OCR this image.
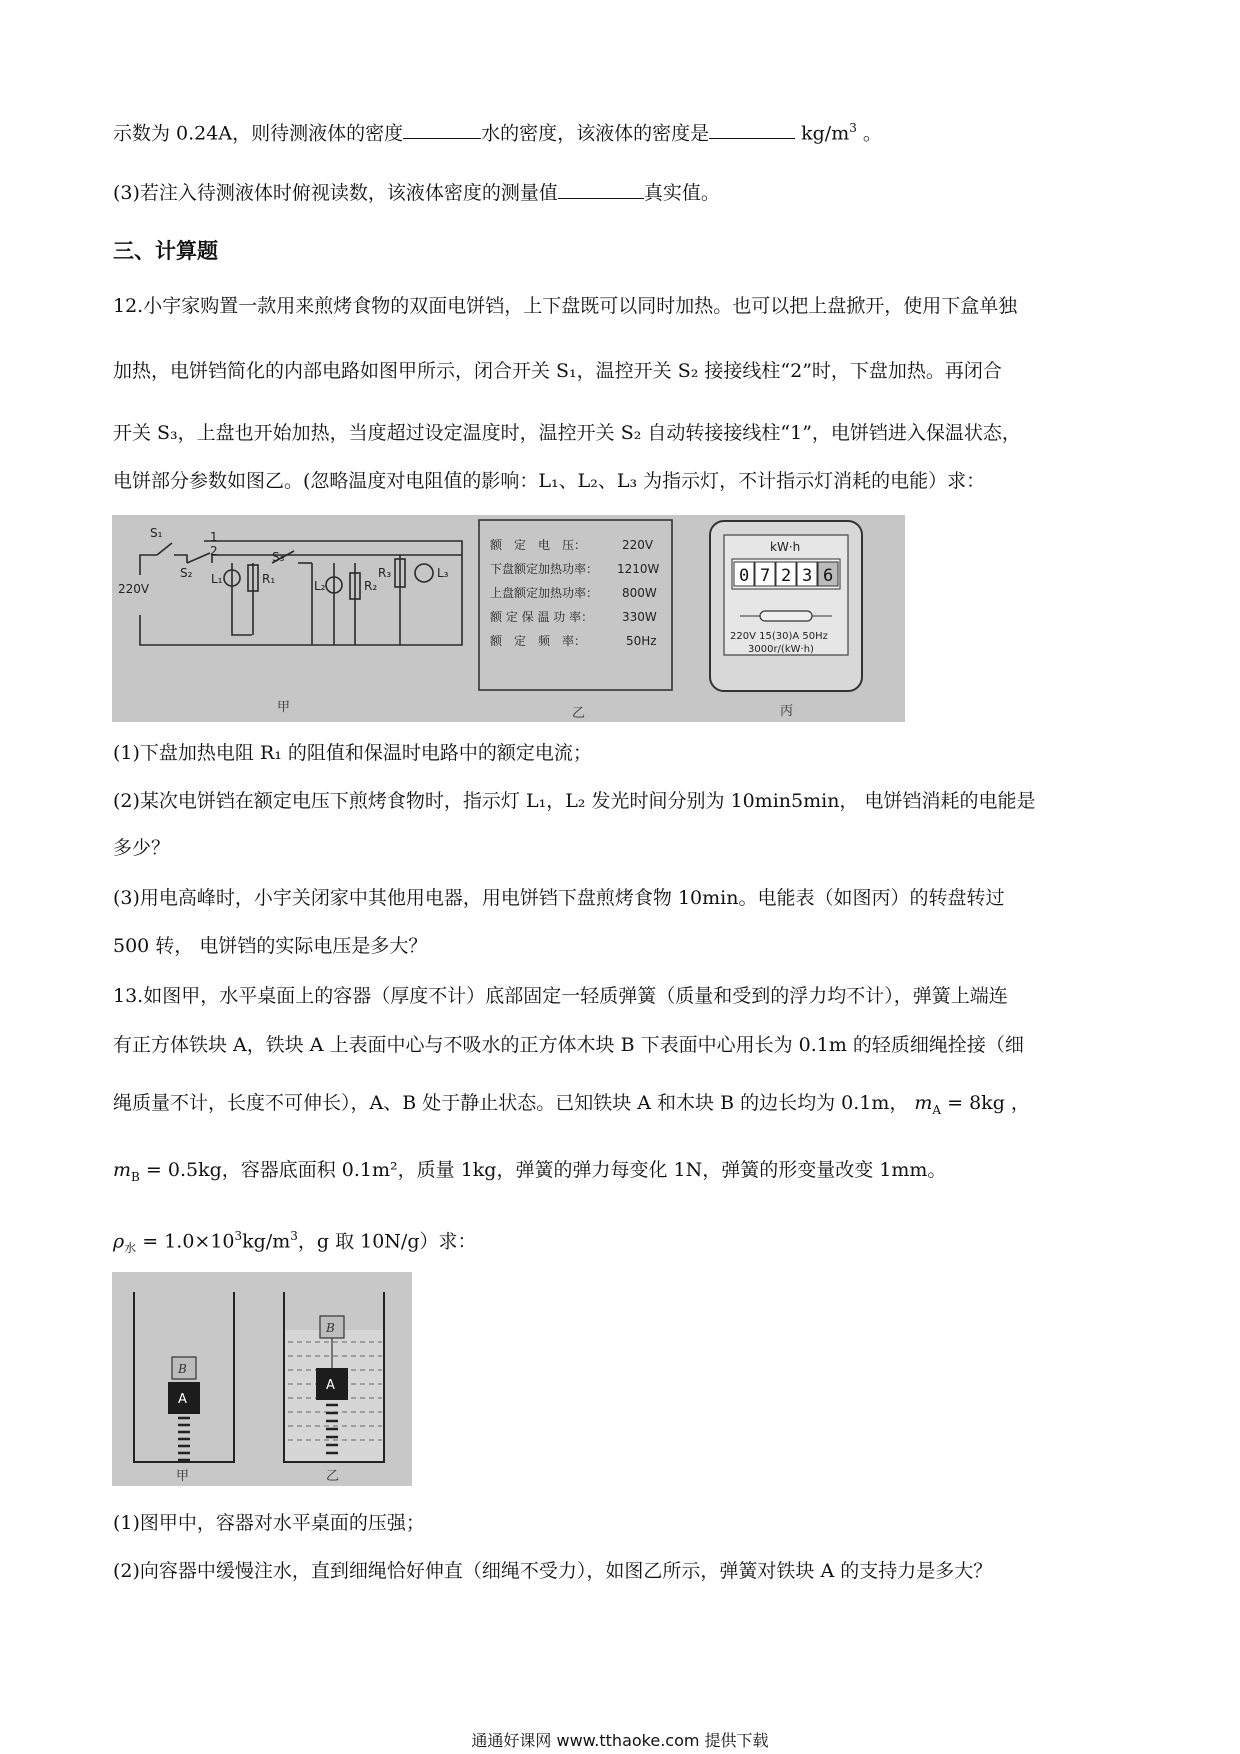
示数为 0.24A，则待测液体的密度	水的密度，该液体的密度是	$kg/m^3$ 。
(3)若注入待测液体时俯视读数，该液体密度的测量值	真实值。
三、计算题
12.小宇家购置一款用来煎烤食物的双面电饼铛，上下盘既可以同时加热。也可以把上盘掀开，使用下盒单独
加热，电饼铛简化的内部电路如图甲所示，闭合开关 S₁，温控开关 S₂ 接接线柱“2”时，下盘加热。再闭合
开关 S₃，上盘也开始加热，当度超过设定温度时，温控开关 S₂ 自动转接接线柱“1”，电饼铛进入保温状态，
电饼部分参数如图乙。(忽略温度对电阻值的影响：L₁、L₂、L₃ 为指示灯，不计指示灯消耗的电能）求：
S₁	1
2
S₂
S₃
220V
L₁	R₁	L₂	R₂
R₃	L₃
甲
额　定　电　压：	220V
下盘额定加热功率： 1210W
上盘额定加热功率： 800W
额 定 保 温 功 率： 330W
额　定　频　率：	50Hz
乙
kW·h
0 7 2 3 6
220V 15(30)A 50Hz
3000r/(kW·h)
丙
(1)下盘加热电阻 R₁ 的阻值和保温时电路中的额定电流；
(2)某次电饼铛在额定电压下煎烤食物时，指示灯 L₁，L₂ 发光时间分别为 10min5min， 电饼铛消耗的电能是
多少？
(3)用电高峰时，小宇关闭家中其他用电器，用电饼铛下盘煎烤食物 10min。电能表（如图丙）的转盘转过
500 转， 电饼铛的实际电压是多大？
13.如图甲，水平桌面上的容器（厚度不计）底部固定一轻质弹簧（质量和受到的浮力均不计），弹簧上端连
有正方体铁块 A，铁块 A 上表面中心与不吸水的正方体木块 B 下表面中心用长为 0.1m 的轻质细绳拴接（细
绳质量不计，长度不可伸长），A、B 处于静止状态。已知铁块 A 和木块 B 的边长均为 0.1m， $m_A = 8kg$ ，
$m_B = 0.5kg$，容器底面积 0.1m²，质量 1kg，弹簧的弹力每变化 1N，弹簧的形变量改变 1mm。
$\rho_水 = 1.0\times 10^3kg/m^3$，g 取 10N/g）求：
B
A
甲
B
A
乙
(1)图甲中，容器对水平桌面的压强；
(2)向容器中缓慢注水，直到细绳恰好伸直（细绳不受力），如图乙所示，弹簧对铁块 A 的支持力是多大？
通通好课网 www.tthaoke.com 提供下载
